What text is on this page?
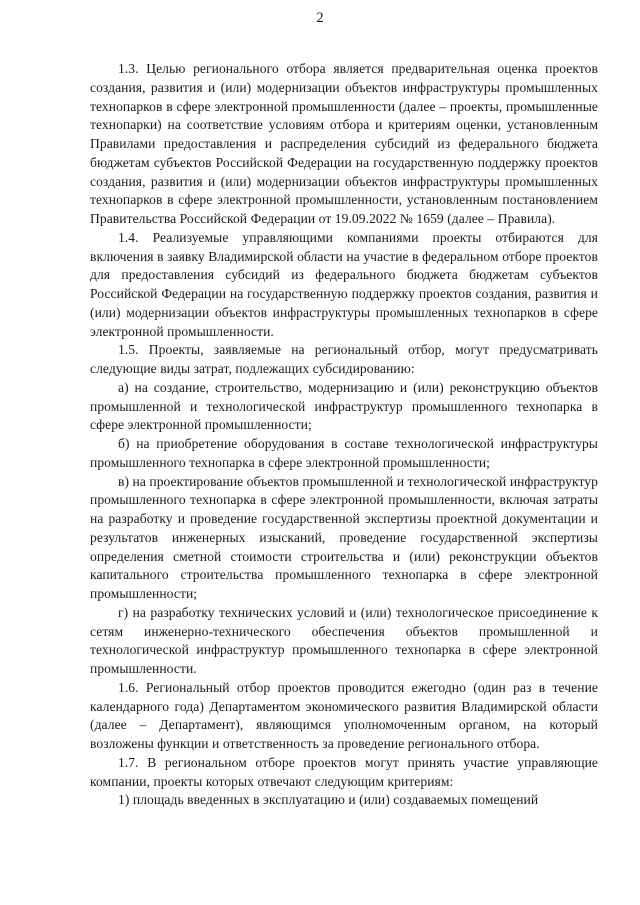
2

1.3. Целью регионального отбора является предварительная оценка проектов создания, развития и (или) модернизации объектов инфраструктуры промышленных технопарков в сфере электронной промышленности (далее – проекты, промышленные технопарки) на соответствие условиям отбора и критериям оценки, установленным Правилами предоставления и распределения субсидий из федерального бюджета бюджетам субъектов Российской Федерации на государственную поддержку проектов создания, развития и (или) модернизации объектов инфраструктуры промышленных технопарков в сфере электронной промышленности, установленным постановлением Правительства Российской Федерации от 19.09.2022 № 1659 (далее – Правила).

1.4. Реализуемые управляющими компаниями проекты отбираются для включения в заявку Владимирской области на участие в федеральном отборе проектов для предоставления субсидий из федерального бюджета бюджетам субъектов Российской Федерации на государственную поддержку проектов создания, развития и (или) модернизации объектов инфраструктуры промышленных технопарков в сфере электронной промышленности.

1.5. Проекты, заявляемые на региональный отбор, могут предусматривать следующие виды затрат, подлежащих субсидированию:

а) на создание, строительство, модернизацию и (или) реконструкцию объектов промышленной и технологической инфраструктур промышленного технопарка в сфере электронной промышленности;

б) на приобретение оборудования в составе технологической инфраструктуры промышленного технопарка в сфере электронной промышленности;

в) на проектирование объектов промышленной и технологической инфраструктур промышленного технопарка в сфере электронной промышленности, включая затраты на разработку и проведение государственной экспертизы проектной документации и результатов инженерных изысканий, проведение государственной экспертизы определения сметной стоимости строительства и (или) реконструкции объектов капитального строительства промышленного технопарка в сфере электронной промышленности;

г) на разработку технических условий и (или) технологическое присоединение к сетям инженерно-технического обеспечения объектов промышленной и технологической инфраструктур промышленного технопарка в сфере электронной промышленности.

1.6. Региональный отбор проектов проводится ежегодно (один раз в течение календарного года) Департаментом экономического развития Владимирской области (далее – Департамент), являющимся уполномоченным органом, на который возложены функции и ответственность за проведение регионального отбора.

1.7. В региональном отборе проектов могут принять участие управляющие компании, проекты которых отвечают следующим критериям:

1) площадь введенных в эксплуатацию и (или) создаваемых помещений
